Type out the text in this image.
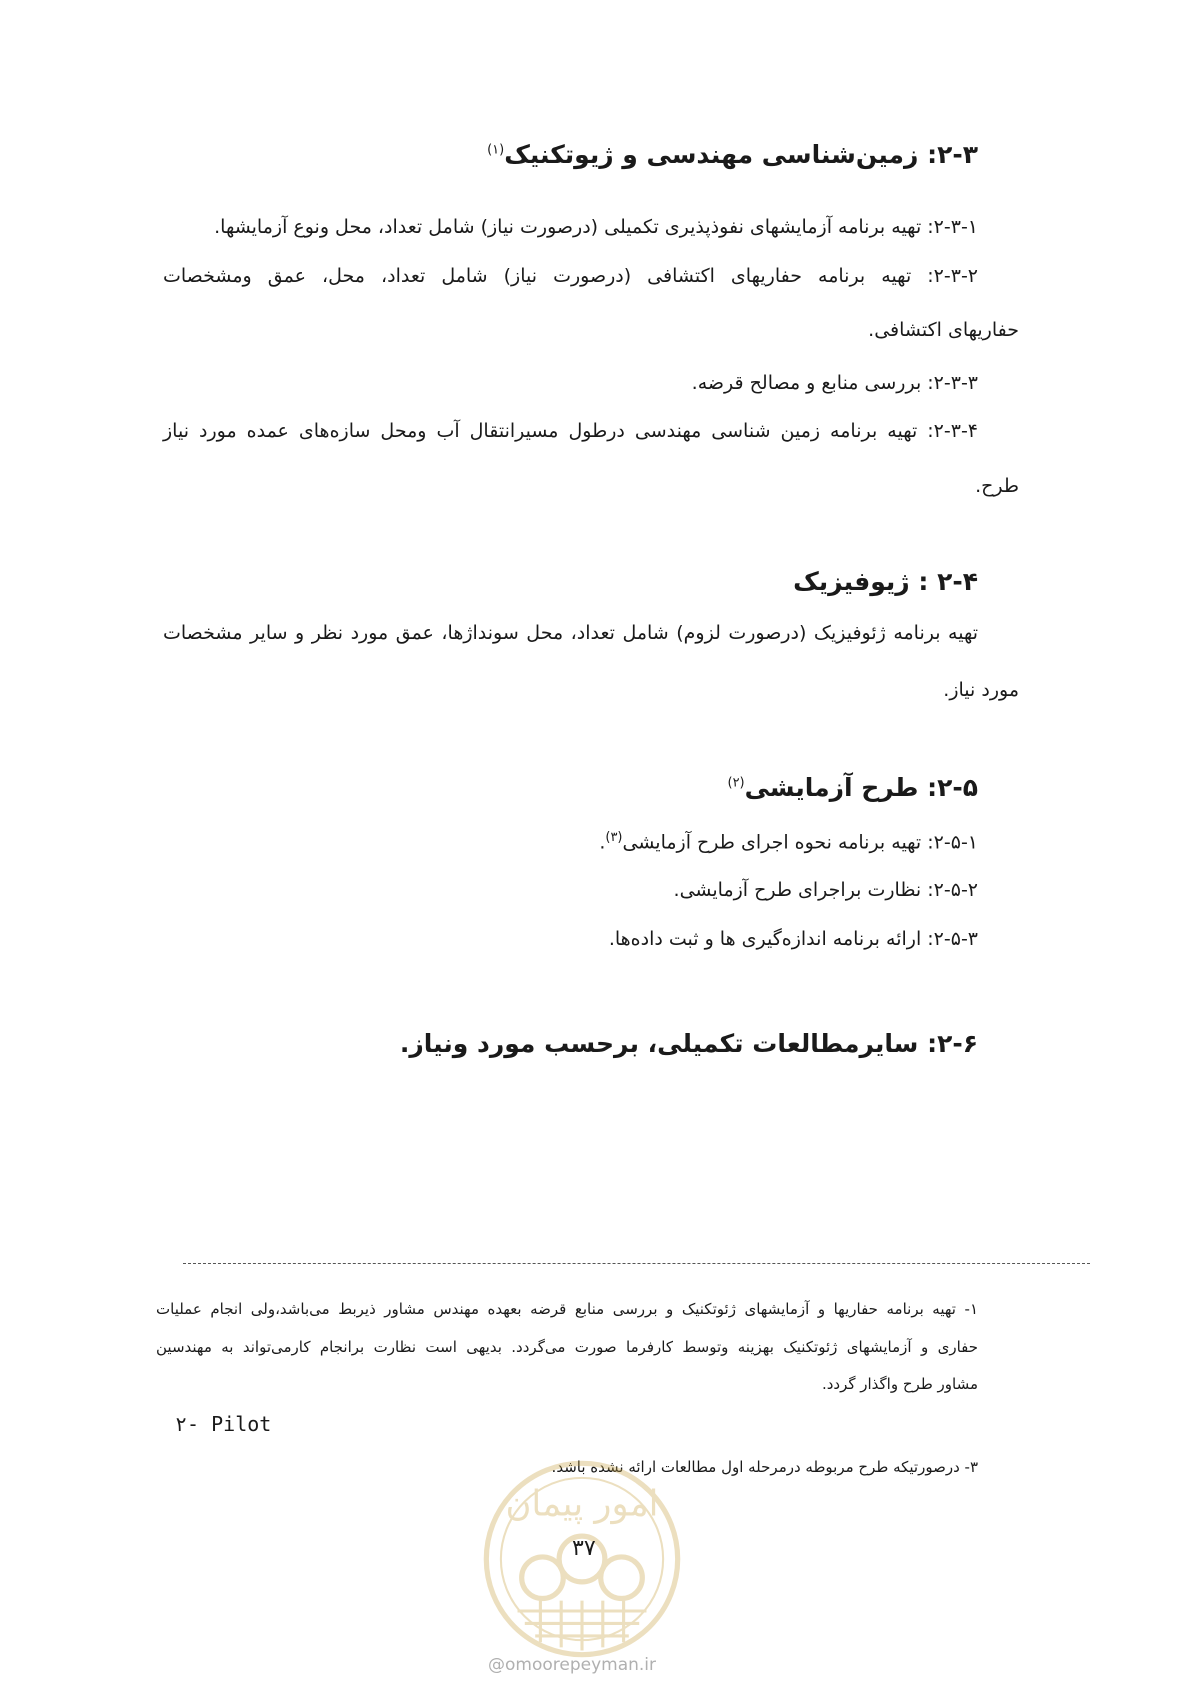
۲-۳: زمین‌شناسی مهندسی و ژیوتکنیک$^{(۱)}$
۲-۳-۱: تهیه برنامه آزمایشهای نفوذپذیری تکمیلی (درصورت نیاز) شامل تعداد، محل ونوع آزمایشها.
۲-۳-۲: تهیه برنامه حفاریهای اکتشافی (درصورت نیاز) شامل تعداد، محل، عمق ومشخصات
حفاریهای اکتشافی.
۲-۳-۳: بررسی منابع و مصالح قرضه.
۲-۳-۴: تهیه برنامه زمین شناسی مهندسی درطول مسیرانتقال آب ومحل سازه‌های عمده مورد نیاز
طرح.
۲-۴ : ژیوفیزیک
تهیه برنامه ژئوفیزیک (درصورت لزوم) شامل تعداد، محل سونداژها، عمق مورد نظر و سایر مشخصات
مورد نیاز.
۲-۵: طرح آزمایشی$^{(۲)}$
۲-۵-۱: تهیه برنامه نحوه اجرای طرح آزمایشی$^{(۳)}$.
۲-۵-۲: نظارت براجرای طرح آزمایشی.
۲-۵-۳: ارائه برنامه اندازه‌گیری ها و ثبت داده‌ها.
۲-۶: سایرمطالعات تکمیلی، برحسب مورد ونیاز.
۱- تهیه برنامه حفاریها و آزمایشهای ژئوتکنیک و بررسی منابع قرضه بعهده مهندس مشاور ذیربط می‌باشد،ولی انجام عملیات
حفاری و آزمایشهای ژئوتکنیک بهزینه وتوسط کارفرما صورت می‌گردد. بدیهی است نظارت برانجام کارمی‌تواند به مهندسین
مشاور طرح واگذار گردد.
۲- Pilot
۳- درصورتیکه طرح مربوطه درمرحله اول مطالعات ارائه نشده باشد.
امور پیمان
۳۷
@omoorepeyman.ir
